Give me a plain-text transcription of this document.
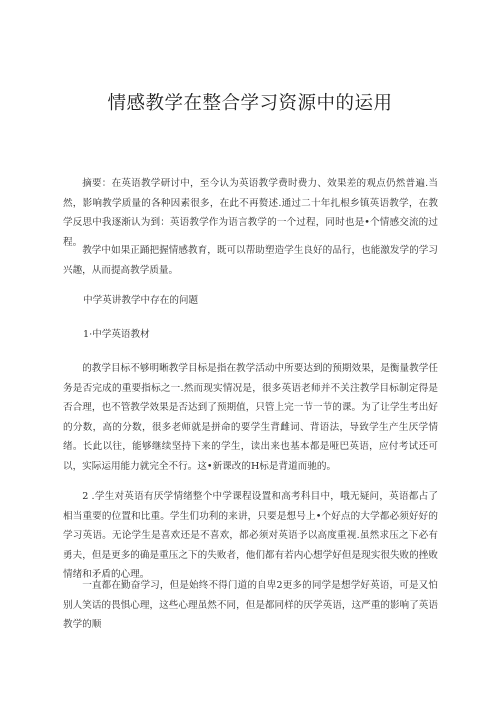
情感教学在整合学习资源中的运用
摘要：在英语教学研讨中，至今认为英语教学费时费力、效果差的观点仍然普遍.当然，影响教学质量的各种因素很多，在此不再赘述.通过二十年扎根乡镇英语教学，在教学反思中我逐渐认为到：英语教学作为语言教学的一个过程，同时也是•个情感交流的过程。
教学中如果正踊把握情感教育，既可以帮助塑造学生良好的品行，也能激发学的学习兴趣，从而提高教学质量。
中学英讲教学中存在的问题
1·中学英语教材
的教学目标不够明晰教学目标是指在教学活动中所要达到的预期效果，是衡量教学任务是否完成的重要指标之一.然而现实情况是，很多英语老师并不关注教学目标制定得是否合理，也不管教学效果是否达到了预期值，只管上完一节一节的课。为了让学生考出好的分数，高的分数，很多老师就是拼命的要学生背雌词、背语法，导致学生产生厌学情绪。长此以往，能够继续坚持下来的学生，读出来也基本都是哑巴英语，应付考试还可以，实际运用能力就完全不行。这•新课改的H标是背道而驰的。
2 .学生对英语有厌学情绪整个中学课程设置和高考科目中，哦无疑问，英语都占了相当重要的位置和比重。学生们功利的来讲，只要是想号上•个好点的大学都必须好好的学习英语。无论学生是喜欢还是不喜欢，都必须对英语予以高度重视.虽然求压之下必有勇夫，但是更多的确是重压之下的失败者，他们都有若内心想学好但是现实很失败的挫败情绪和矛盾的心理。
一直都在勤奋学习，但是始终不得门道的自卑2更多的同学是想学好英语，可是又怕别人笑话的畏惧心理，这些心理虽然不同，但是都同样的厌学英语，这严重的影响了英语教学的顺
